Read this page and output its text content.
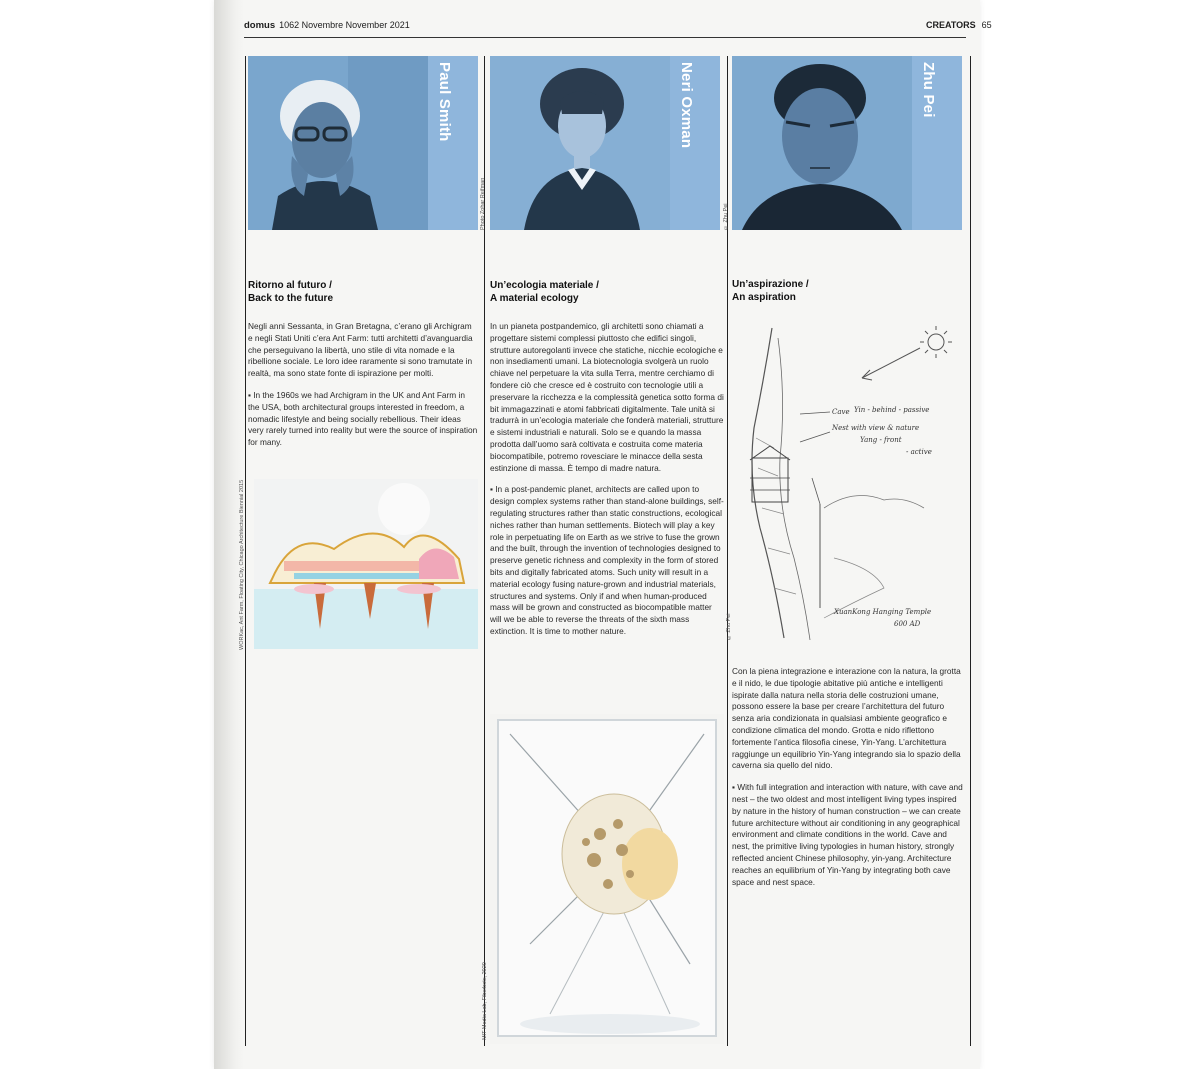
domus 1062 Novembre November 2021	CREATORS 65
Paul Smith
Ritorno al futuro /
Back to the future

Negli anni Sessanta, in Gran Bretagna, c’erano gli Archigram e negli Stati Uniti c’era Ant Farm: tutti architetti d’avanguardia che perseguivano la libertà, uno stile di vita nomade e la ribellione sociale. Le loro idee raramente si sono tramutate in realtà, ma sono state fonte di ispirazione per molti.

▪ In the 1960s we had Archigram in the UK and Ant Farm in the USA, both architectural groups interested in freedom, a nomadic lifestyle and being socially rebellious. Their ideas very rarely turned into reality but were the source of inspiration for many.

WORKac, Ant Farm, Floating City, Chicago Architecture Biennial 2015
Neri Oxman
Photo Zohar Reifman
Un’ecologia materiale /
A material ecology

In un pianeta postpandemico, gli architetti sono chiamati a progettare sistemi complessi piuttosto che edifici singoli, strutture autoregolanti invece che statiche, nicchie ecologiche e non insediamenti umani. La biotecnologia svolgerà un ruolo chiave nel perpetuare la vita sulla Terra, mentre cerchiamo di fondere ciò che cresce ed è costruito con tecnologie utili a preservare la ricchezza e la complessità genetica sotto forma di bit immagazzinati e atomi fabbricati digitalmente. Tale unità si tradurrà in un’ecologia materiale che fonderà materiali, strutture e sistemi industriali e naturali. Solo se e quando la massa prodotta dall’uomo sarà coltivata e costruita come materia biocompatibile, potremo rovesciare le minacce della sesta estinzione di massa. È tempo di madre natura.

▪ In a post-pandemic planet, architects are called upon to design complex systems rather than stand-alone buildings, self-regulating structures rather than static constructions, ecological niches rather than human settlements. Biotech will play a key role in perpetuating life on Earth as we strive to fuse the grown and the built, through the invention of technologies designed to preserve genetic richness and complexity in the form of stored bits and digitally fabricated atoms. Such unity will result in a material ecology fusing nature-grown and industrial materials, structures and systems. Only if and when human-produced mass will be grown and constructed as biocompatible matter will we be able to reverse the threats of the sixth mass extinction. It is time to mother nature.

MIT Media Lab, Fiberbots, 2020
Zhu Pei
© Zhu Pei
Un’aspirazione /
An aspiration
Cave Yin - behind - passive
Nest with view & nature
Yang - front
- active
XuanKong Hanging Temple
600 AD
© Zhu Pei

Con la piena integrazione e interazione con la natura, la grotta e il nido, le due tipologie abitative più antiche e intelligenti ispirate dalla natura nella storia delle costruzioni umane, possono essere la base per creare l’architettura del futuro senza aria condizionata in qualsiasi ambiente geografico e condizione climatica del mondo. Grotta e nido riflettono fortemente l’antica filosofia cinese, Yin-Yang. L’architettura raggiunge un equilibrio Yin-Yang integrando sia lo spazio della caverna sia quello del nido.

▪ With full integration and interaction with nature, with cave and nest – the two oldest and most intelligent living types inspired by nature in the history of human construction – we can create future architecture without air conditioning in any geographical environment and climate conditions in the world. Cave and nest, the primitive living typologies in human history, strongly reflected ancient Chinese philosophy, yin-yang. Architecture reaches an equilibrium of Yin-Yang by integrating both cave space and nest space.
